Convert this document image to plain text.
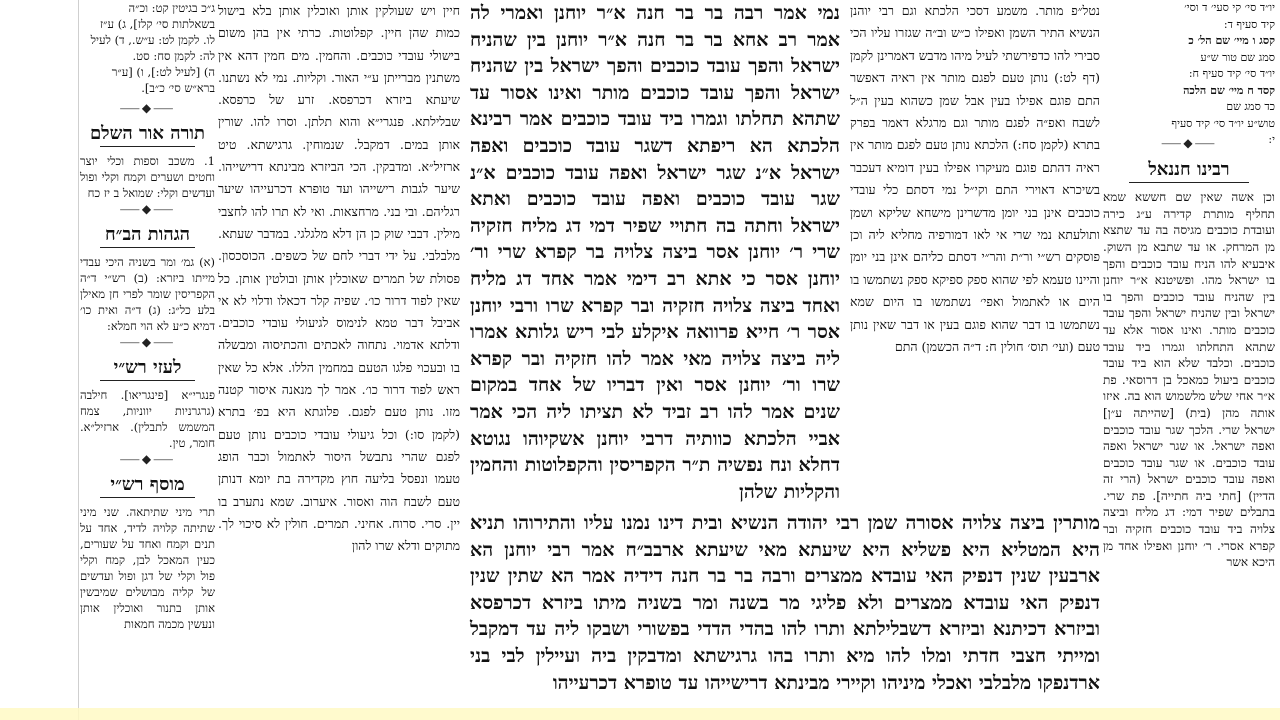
יו״ד סי׳ קי סעי׳ ד וסי׳

קיד סעיף ד:

קסג ו מיי׳ שם הל׳ כ

סמג שם טור ש״ע

יו״ד סי׳ קיד סעיף ח:

קסד ח מיי׳ שם הלכה

כד סמג שם

טוש״ע יו״ד סי׳ קיד סעיף

י:

⸺◆⸺
רבינו חננאל

וכן אשה שאין שם חששא שמא תחליף מותרת קדירה ע״ג כירה ועובדת כוכבים מגיסה בה עד שתצא מן המרחק. או עד שתבא מן השוק. איבעיא להו הניח עובד כוכבים והפך בו ישראל מהו. ופשיטנא א״ר יוחנן בין שהניח עובד כוכבים והפך בו ישראל ובין שהניח ישראל והפך עובד כוכבים מותר. ואינו אסור אלא עד שתהא התחלתו וגמרו ביד עובד כוכבים. וכלבד שלא הוא ביד עובד כוכבים ביעול כמאכל בן דרוסאי. פת א״ר אחי שלש מלשמוש הוא בה. איזו אותה מהן (בית) [שהייתה ע״ן] ישראל שרי. הלכך שגר עובד כוכבים ואפה ישראל. או שגר ישראל ואפה עובד כוכבים. או שגר עובד כוכבים ואפה עובד כוכבים ישראל (הרי זה הדיין) [חתי ביה חתייה]. פת שרי. בתבלים שפיר דמי: דג מליח וביצה צלויה ביד עובד כוכבים חזקיה ובר קפרא אסרי. ר׳ יוחנן ואפילו אחד מן היכא אשר

נטל״פ מותר. משמע דסכי הלכתא וגם רבי יוהנן הנשיא התיר השמן ואפילו כ״ש וב״ה שגזרו עליו הכי סבירי להו כדפירשתי לעיל מיהו מדבש דאמרינן לקמן (דף לט:) נותן טעם לפגם מותר אין ראיה דאפשר התם פוגם אפילו בעין אבל שמן כשהוא בעין ה״ל לשבח ואפ״ה לפגם מותר וגם מרגלא דאמר בפרק בתרא (לקמן סח:) הלכתא נותן טעם לפגם מותר אין ראיה דהתם פוגם מעיקרו אפילו בעין דומיא דעכבר בשיכרא דאוירי התם וקי״ל נמי דסתם כלי עובדי כוכבים אינן בני יומן מדשרינן מישחא שליקא ושמן ותולעתא נמי שרי אי לאו דמורפיה מחליא ליה וכן פוסקים רש״י ור״ת והר״י דסתם כליהם אינן בני יומן והיינו טעמא לפי שהוא ספק ספיקא ספק נשתמשו בו היום או לאתמול ואפי׳ נשתמשו בו היום שמא נשתמשו בו דבר שהוא פוגם בעין או דבר שאין נותן טעם (ועי׳ תוס׳ חולין ח: ד״ה הכשמן) התם

נמי אמר רבה בר בר חנה א״ר יוחנן ואמרי לה אמר רב אחא בר בר חנה א״ר יוחנן בין שהניח ישראל והפך עובד כוכבים והפך ישראל בין שהניח ישראל והפך עובד כוכבים מותר ואינו אסור עד שתהא תחלתו וגמרו ביד עובד כוכבים אמר רבינא הלכתא הא ריפתא דשגר עובד כוכבים ואפה ישראל א״נ שגר ישראל ואפה עובד כוכבים א״נ שגר עובד כוכבים ואפה עובד כוכבים ואתא ישראל וחתה בה חתויי שפיר דמי דג מליח חזקיה שרי ר׳ יוחנן אסר ביצה צלויה בר קפרא שרי ור׳ יוחנן אסר כי אתא רב דימי אמר אחד דג מליח ואחד ביצה צלויה חזקיה ובר קפרא שרו ורבי יוחנן אסר ר׳ חייא פרוואה איקלע לבי ריש גלותא אמרו ליה ביצה צלויה מאי אמר להו חזקיה ובר קפרא שרו ור׳ יוחנן אסר ואין דבריו של אחד במקום שנים אמר להו רב זביד לא תציתו ליה הכי אמר אביי הלכתא כוותיה דרבי יוחנן אשקיוהו נגוטא דחלא ונח נפשיה ת״ר הקפריסין והקפלוטות והחמין והקליות שלהן

מותרין ביצה צלויה אסורה שמן רבי יהודה הנשיא ובית דינו נמנו עליו והתירוהו תניא היא המטליא היא פשליא היא שיעתא מאי שיעתא ארבב״ח אמר רבי יוחנן הא ארבעין שנין דנפיק האי עובדא ממצרים ורבה בר בר חנה דידיה אמר הא שתין שנין דנפיק האי עובדא ממצרים ולא פליגי מר בשנה ומר בשניה מיתו ביזרא דכרפסא וביזרא דכיתנא וביזרא דשבלילתא ותרו להו בהדי הדדי בפשורי ושבקו ליה עד דמקבל ומייתי חצבי חדתי ומלו להו מיא ותרו בהו גרגישתא ומדבקין ביה ועיילין לבי בני ארדנפקו מלבלבי ואכלי מיניהו וקיירי מבינתא דרישייהו עד טופרא דכרעייהו

חיין ויש שעולקין אותן ואוכלין אותן בלא בישול כמות שהן חיין. קפלוטות. כרתי אין בהן משום בישולי עובדי כוכבים. והחמין. מים חמין דהא אין משתנין מברייתן ע״י האור. וקליות. נמי לא נשתנו. שיעתא ביזרא דכרפסא. זרע של כרפסא. שבלילתא. פנגרי״א והוא תלתן. וסרו להו. שורין אותן במים. דמקבל. שנמוחין. גרגישתא. טיט ארזיל״א. ומדבקין. הכי הביזרא מבינתא דרישייהו. שיער לגבות רישייהו ועד טופרא דכרעייהו שיער רגליהם. ובי בני. מרחצאות. ואי לא תרו להו לחצבי מילין. דבבי שוק כן הן דלא מלגלגי. במדבר שעתא. מלבלבי. על ידי דברי לחם של כשפים. הכוסכסון. פסולת של תמרים שאוכלין אותן ובולטין אותן. כל שאין לפוד דרור כו׳. שפיה קלר דכאלו ודלוי לא אי אביבל דבר טמא לנימוס לגיעולי עובדי כוכבים. ודלתא אדמוי. נתחוה לאכתים והכתיסוה ומבשלה בו ובעכוי פלגו הטעם במחמין הללו. אלא כל שאין ראש לפוד דרור כו׳. אמר לך מנאנה איסור קטנה מזו. נותן טעם לפגם. פלוגתא היא בפ׳ בתרא (לקמן סו:) וכל גיעולי עובדי כוכבים נותן טעם לפגם שהרי נתבשל היסור לאתמול וכבר הופג טעמו ונפסל בליעה חוץ מקדירה בת יומא דנותן טעם לשבח הוה ואסור. איערוב. שמא נתערב בו יין. סרי. סרוח. אחיני. תמרים. חולין לא סיכוי לך. מתוקים ודלא שרו להון

ג״כ בגיטין קט: וכ״ה

בשאלתות סי׳ קלז], ג) ע״ז

לו. לקמן לט: ע״ש., ד) לעיל

לה: לקמן סח: סט.

ה) [לעיל לט:], ו) [ע״ר

ברא״ש סי׳ כ״ב].

⸺◆⸺
תורה אור השלם

1. משכב וספות וכלי יוצר וחטים ושערים וקמח וקלי ופול ועדשים וקלי: שמואל ב יז כח

⸺◆⸺
הגהות הב״ח

(א) גמ׳ ומר בשניה היכי עבדי מייתו ביזרא: (ב) רש״י ד״ה הקפריסין שומר לפרי חן מאילן בלע כל״ג: (ג) ד״ה ואית כו׳ דמיא כ״ע לא הוי חמלא:

⸺◆⸺
לעזי רש״י

פנגרי״א [פינגריאו]. חילבה (גרגרניות יווניות, צמח המשמש לתבלין). ארזיל״א. חומר, טין.

⸺◆⸺
מוסף רש״י

תרי מיני שתיתאה. שני מיני שתיתה קלויה לדיד, אחד על תנים וקמח ואחד על שעורים, כעין המאכל לבן, קמח וקלי פול וקלי של דגן ופול ועדשים של קליה מבושלים שמיבשין אותן בתנור ואוכלין אותן ונעשין מכמה חמאות
